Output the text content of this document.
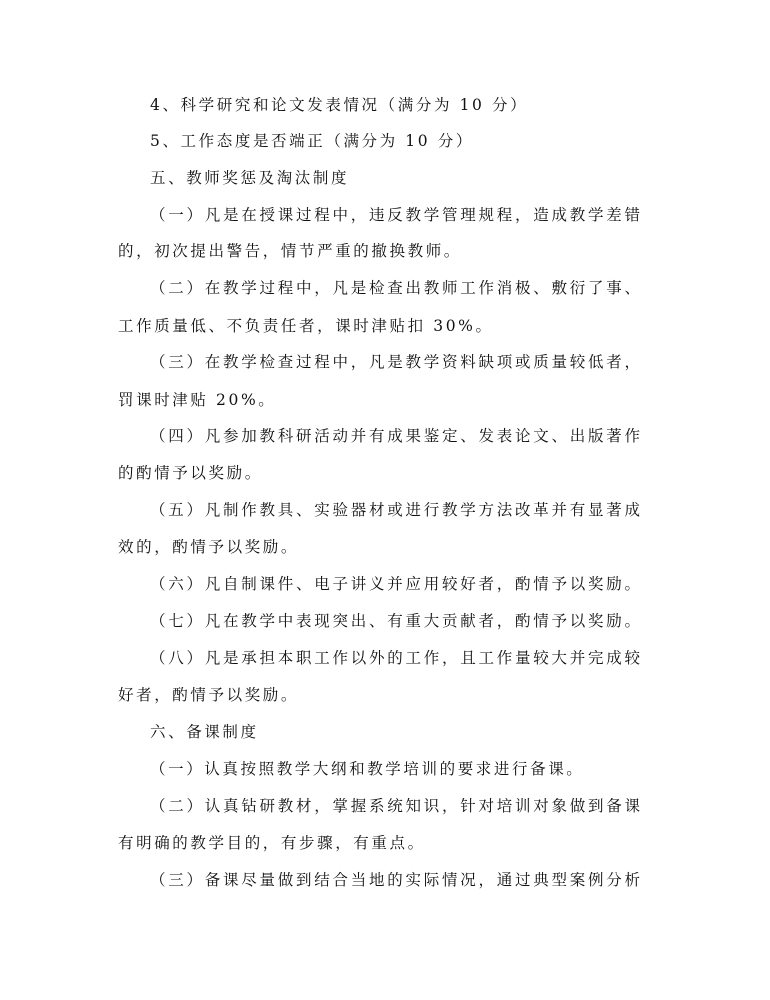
4、科学研究和论文发表情况（满分为 10 分）
5、工作态度是否端正（满分为 10 分）
五、教师奖惩及淘汰制度
（一）凡是在授课过程中，违反教学管理规程，造成教学差错
的，初次提出警告，情节严重的撤换教师。
（二）在教学过程中，凡是检查出教师工作消极、敷衍了事、
工作质量低、不负责任者，课时津贴扣 30%。
（三）在教学检查过程中，凡是教学资料缺项或质量较低者，
罚课时津贴 20%。
（四）凡参加教科研活动并有成果鉴定、发表论文、出版著作
的酌情予以奖励。
（五）凡制作教具、实验器材或进行教学方法改革并有显著成
效的，酌情予以奖励。
（六）凡自制课件、电子讲义并应用较好者，酌情予以奖励。
（七）凡在教学中表现突出、有重大贡献者，酌情予以奖励。
（八）凡是承担本职工作以外的工作，且工作量较大并完成较
好者，酌情予以奖励。
六、备课制度
（一）认真按照教学大纲和教学培训的要求进行备课。
（二）认真钻研教材，掌握系统知识，针对培训对象做到备课
有明确的教学目的，有步骤，有重点。
（三）备课尽量做到结合当地的实际情况，通过典型案例分析
